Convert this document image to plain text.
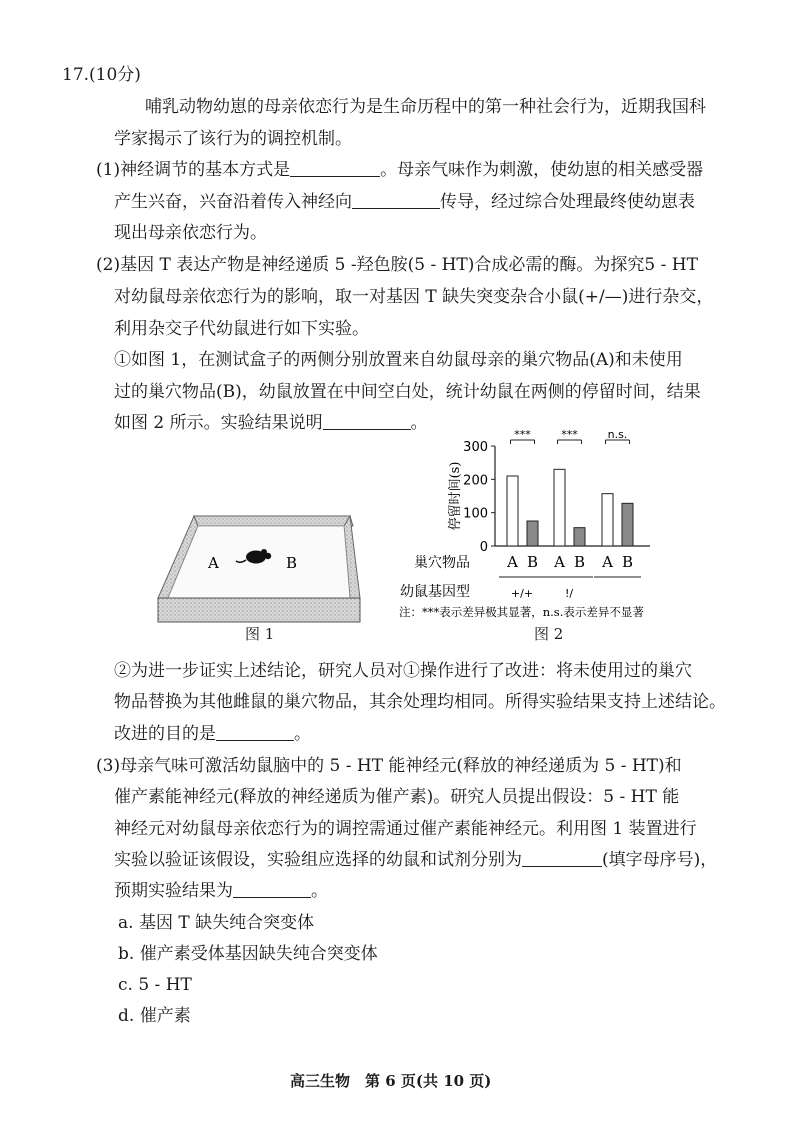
17.(10分)
哺乳动物幼崽的母亲依恋行为是生命历程中的第一种社会行为，近期我国科
学家揭示了该行为的调控机制。
(1)神经调节的基本方式是	。母亲气味作为刺激，使幼崽的相关感受器
产生兴奋，兴奋沿着传入神经向	传导，经过综合处理最终使幼崽表
现出母亲依恋行为。
(2)基因 T 表达产物是神经递质 5 -羟色胺(5 - HT)合成必需的酶。为探究5 - HT
对幼鼠母亲依恋行为的影响，取一对基因 T 缺失突变杂合小鼠(+/—)进行杂交，
利用杂交子代幼鼠进行如下实验。
①如图 1，在测试盒子的两侧分别放置来自幼鼠母亲的巢穴物品(A)和未使用
过的巢穴物品(B)，幼鼠放置在中间空白处，统计幼鼠在两侧的停留时间，结果
如图 2 所示。实验结果说明	。
A	B
图 1
0
100
200
300
停留时间(s)
A B
***
+/+
A B
***
!/
A B
n.s.
巢穴物品
幼鼠基因型
注：***表示差异极其显著，n.s.表示差异不显著
图 2
②为进一步证实上述结论，研究人员对①操作进行了改进：将未使用过的巢穴
物品替换为其他雌鼠的巢穴物品，其余处理均相同。所得实验结果支持上述结论。
改进的目的是	。
(3)母亲气味可激活幼鼠脑中的 5 - HT 能神经元(释放的神经递质为 5 - HT)和
催产素能神经元(释放的神经递质为催产素)。研究人员提出假设：5 - HT 能
神经元对幼鼠母亲依恋行为的调控需通过催产素能神经元。利用图 1 装置进行
实验以验证该假设，实验组应选择的幼鼠和试剂分别为	(填字母序号)，
预期实验结果为	。
a. 基因 T 缺失纯合突变体
b. 催产素受体基因缺失纯合突变体
c. 5 - HT
d. 催产素
高三生物　第 6 页(共 10 页)
